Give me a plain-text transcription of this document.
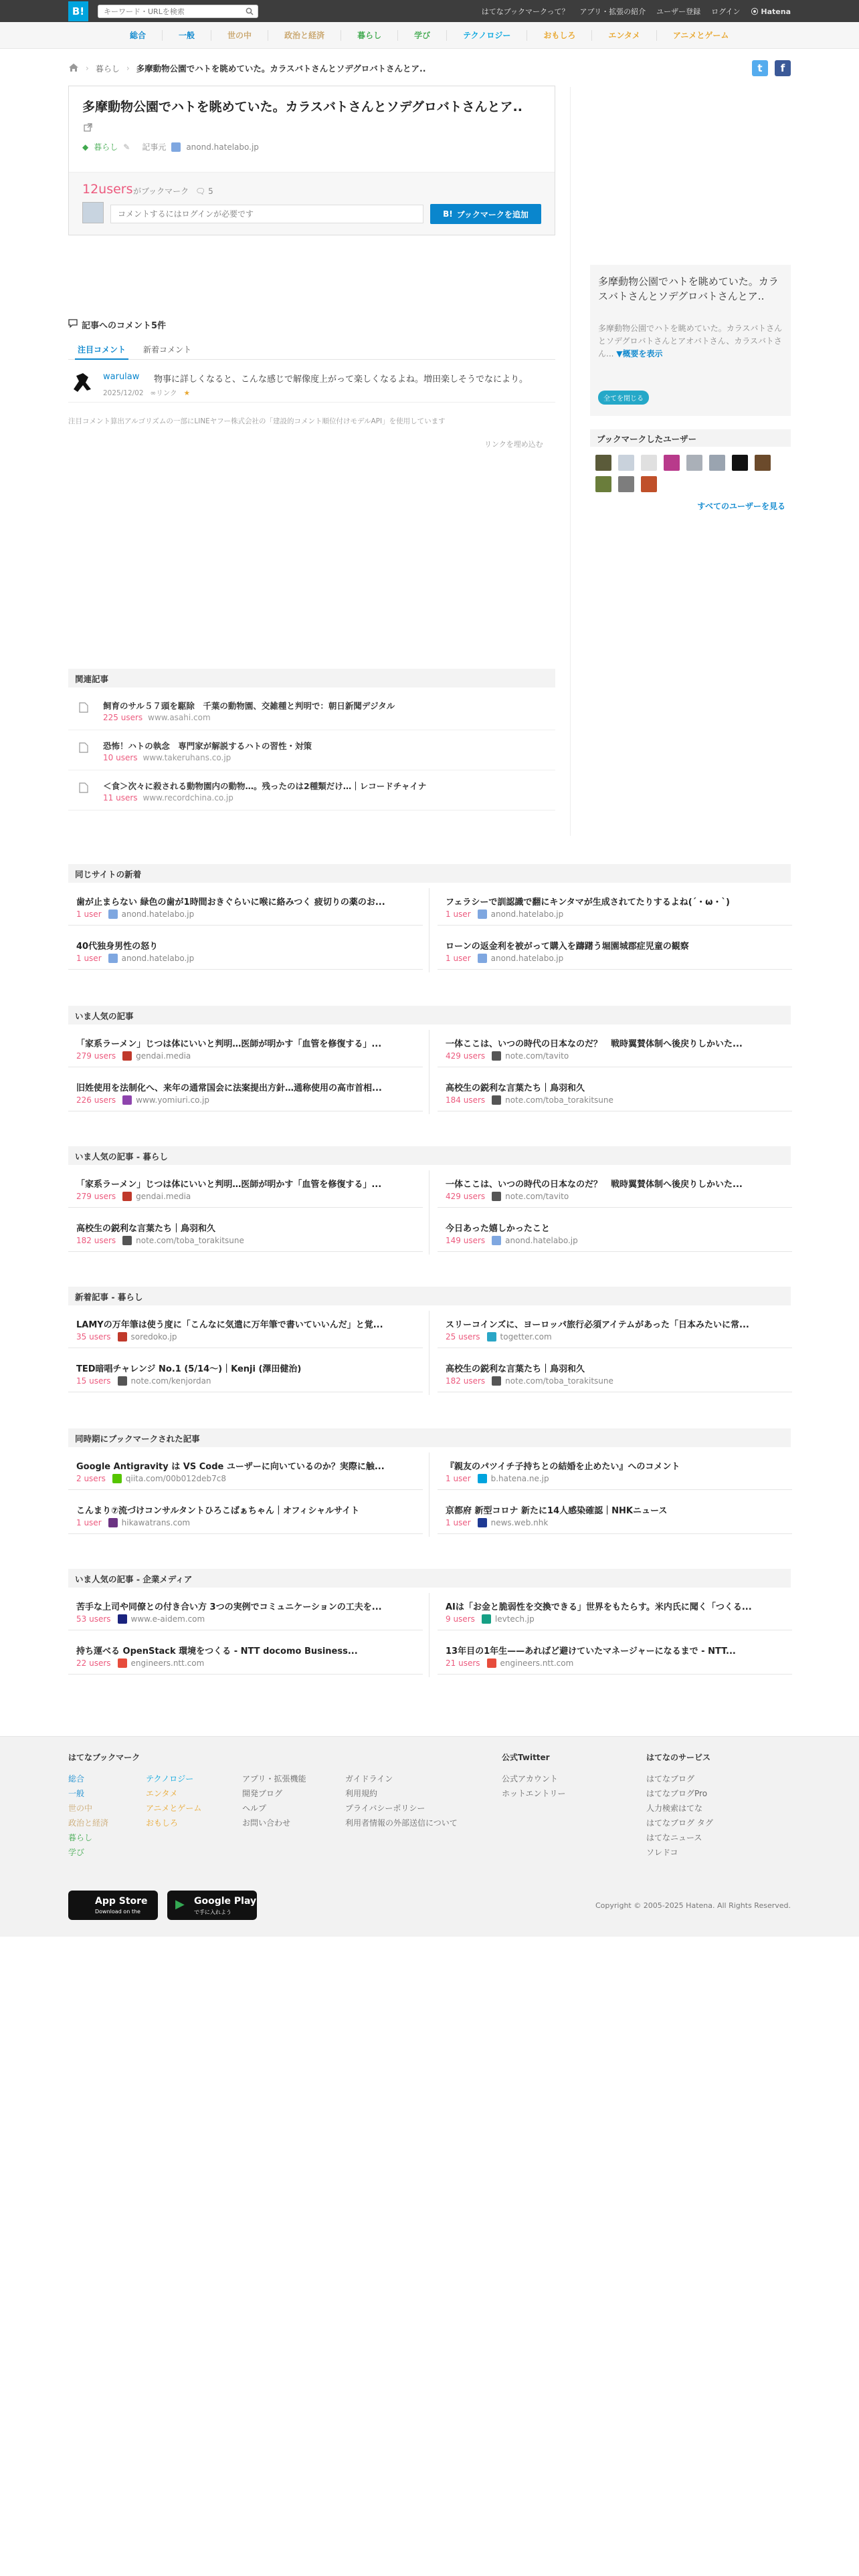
B!
キーワード・URLを検索	はてなブックマークって？ アプリ・拡張の紹介 ユーザー登録 ログイン ⦿ Hatena
総合	一般	世の中	政治と経済	暮らし	学び	テクノロジー	おもしろ	エンタメ	アニメとゲーム
› 暮らし › 多摩動物公園でハトを眺めていた。カラスバトさんとソデグロバトさんとア..	t	f
多摩動物公園でハトを眺めていた。カラスバトさんとソデグロバトさんとア..
◆ 暮らし ✎ 記事元	anond.hatelabo.jp
12users がブックマーク 🗨 5
コメントするにはログインが必要です
B! ブックマークを追加
記事へのコメント5件
注目コメント	新着コメント
warulaw 物事に詳しくなると、こんな感じで解像度上がって楽しくなるよね。増田楽しそうでなにより。
2025/12/02 ∞リンク ★
注目コメント算出アルゴリズムの一部にLINEヤフー株式会社の「建設的コメント順位付けモデルAPI」を使用しています
リンクを埋め込む
多摩動物公園でハトを眺めていた。カラスバトさんとソデグロバトさんとア..
多摩動物公園でハトを眺めていた。カラスバトさんとソデグロバトさんとアオバトさん、カラスバトさん... ▼概要を表示
全てを閉じる
ブックマークしたユーザー
すべてのユーザーを見る
関連記事
飼育のサル５７頭を駆除　千葉の動物園、交雑種と判明で：朝日新聞デジタル
225 users www.asahi.com
恐怖！ハトの執念　専門家が解説するハトの習性・対策
10 users www.takeruhans.co.jp
＜食＞次々に殺される動物園内の動物…。残ったのは2種類だけ…｜レコードチャイナ
11 users www.recordchina.co.jp
同じサイトの新着
歯が止まらない 緑色の歯が1時間おきぐらいに喉に絡みつく 疲切りの薬のお...
1 user	anond.hatelabo.jp
フェラシーで訓認識で翻にキンタマが生成されてたりするよね(´・ω・`)
1 user	anond.hatelabo.jp
40代独身男性の怒り
1 user	anond.hatelabo.jp
ローンの返金利を被がって購入を躊躇う堀園城郡症児童の観察
1 user	anond.hatelabo.jp
いま人気の記事
「家系ラーメン」じつは体にいいと判明…医師が明かす「血管を修復する」...
279 users	gendai.media
一体ここは、いつの時代の日本なのだ？　戦時翼賛体制へ後戻りしかいた...
429 users	note.com/tavito
旧姓使用を法制化へ、来年の通常国会に法案提出方針…通称使用の高市首相...
226 users	www.yomiuri.co.jp
高校生の鋭利な言葉たち｜鳥羽和久
184 users	note.com/toba_torakitsune
いま人気の記事 - 暮らし
「家系ラーメン」じつは体にいいと判明…医師が明かす「血管を修復する」...
279 users	gendai.media
一体ここは、いつの時代の日本なのだ？　戦時翼賛体制へ後戻りしかいた...
429 users	note.com/tavito
高校生の鋭利な言葉たち｜鳥羽和久
182 users	note.com/toba_torakitsune
今日あった嬉しかったこと
149 users	anond.hatelabo.jp
新着記事 - 暮らし
LAMYの万年筆は使う度に「こんなに気遣に万年筆で書いていいんだ」と覚...
35 users	soredoko.jp
スリーコインズに、ヨーロッパ旅行必須アイテムがあった「日本みたいに常...
25 users	togetter.com
TED暗唱チャレンジ No.1 (5/14〜)｜Kenji (澤田健治)
15 users	note.com/kenjordan
高校生の鋭利な言葉たち｜鳥羽和久
182 users	note.com/toba_torakitsune
同時期にブックマークされた記事
Google Antigravity は VS Code ユーザーに向いているのか？実際に触...
2 users	qiita.com/00b012deb7c8
『親友のパツイチ子持ちとの結婚を止めたい』へのコメント
1 user	b.hatena.ne.jp
こんまり⑦流づけコンサルタントひろこばぁちゃん｜オフィシャルサイト
1 user	hikawatrans.com
京都府 新型コロナ 新たに14人感染確認｜NHKニュース
1 user	news.web.nhk
いま人気の記事 - 企業メディア
苦手な上司や同僚との付き合い方 3つの実例でコミュニケーションの工夫を...
53 users	www.e-aidem.com
AIは「お金と脆弱性を交換できる」世界をもたらす。米内氏に聞く「つくる...
9 users	levtech.jp
持ち運べる OpenStack 環境をつくる - NTT docomo Business...
22 users	engineers.ntt.com
13年目の1年生——あればど避けていたマネージャーになるまで - NTT...
21 users	engineers.ntt.com
はてなブックマーク
総合
一般
世の中
政治と経済
暮らし
学び
テクノロジー
エンタメ
アニメとゲーム
おもしろ
アプリ・拡張機能
開発ブログ
ヘルプ
お問い合わせ
ガイドライン
利用規約
プライバシーポリシー
利用者情報の外部送信について
公式Twitter
公式アカウント
ホットエントリー
はてなのサービス
はてなブログ
はてなブログPro
人力検索はてな
はてなブログ タグ
はてなニュース
ソレドコ
App Store
Download on the
▶ Google Play
で手に入れよう
Copyright © 2005-2025 Hatena. All Rights Reserved.
